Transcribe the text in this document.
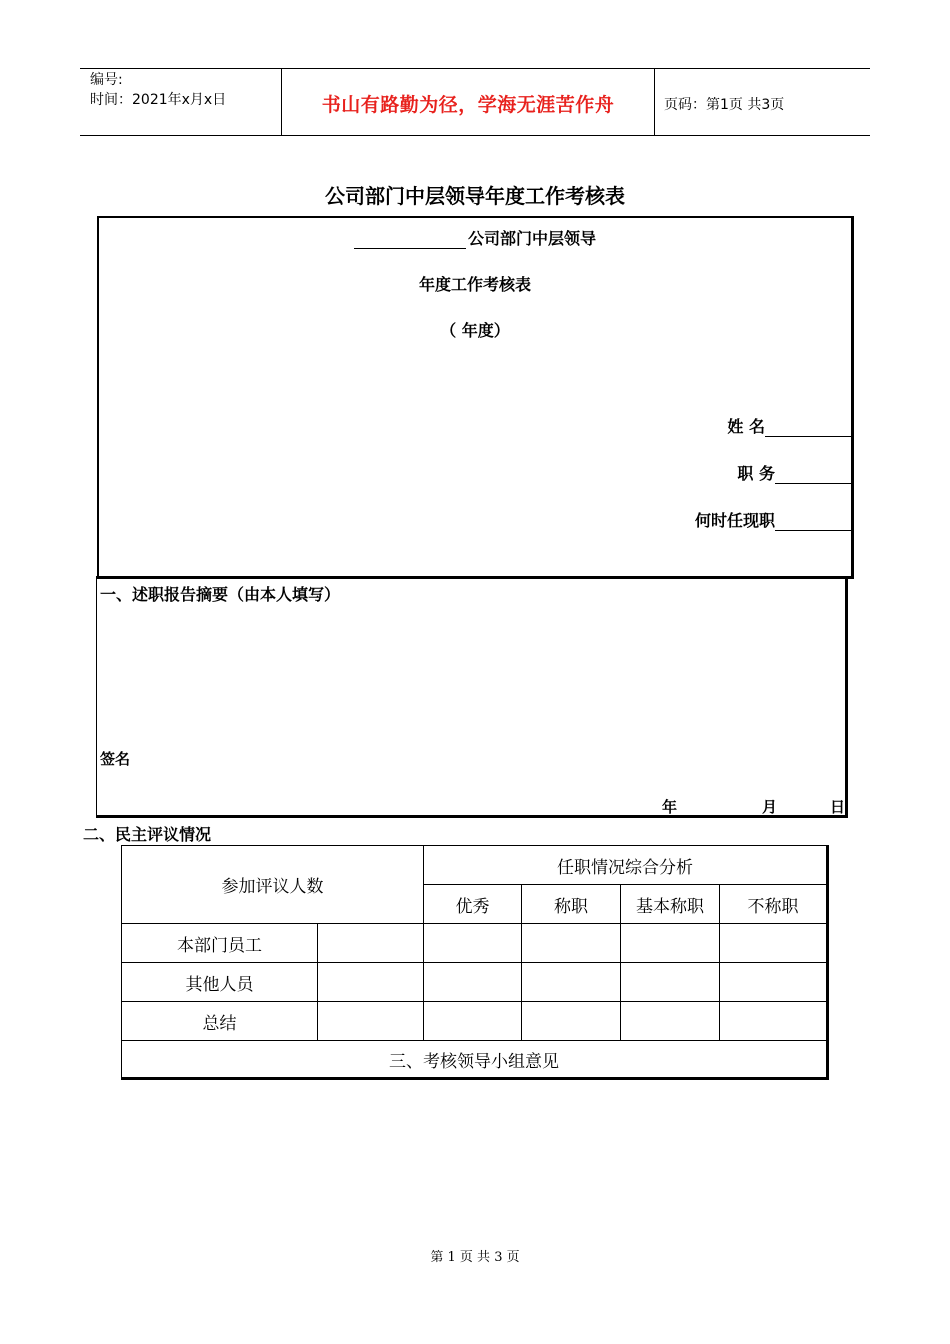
编号:
时间：2021年x月x日	书山有路勤为径，学海无涯苦作舟	页码：第1页 共3页
公司部门中层领导年度工作考核表
公司部门中层领导
年度工作考核表
（ 年度）
姓 名
职 务
何时任现职
一、述职报告摘要（由本人填写）
签名
年	月	日
二、民主评议情况
参加评议人数		任职情况综合分析			
		优秀	称职	基本称职	不称职
本部门员工					
其他人员					
总结					
三、考核领导小组意见					
第 1 页 共 3 页
